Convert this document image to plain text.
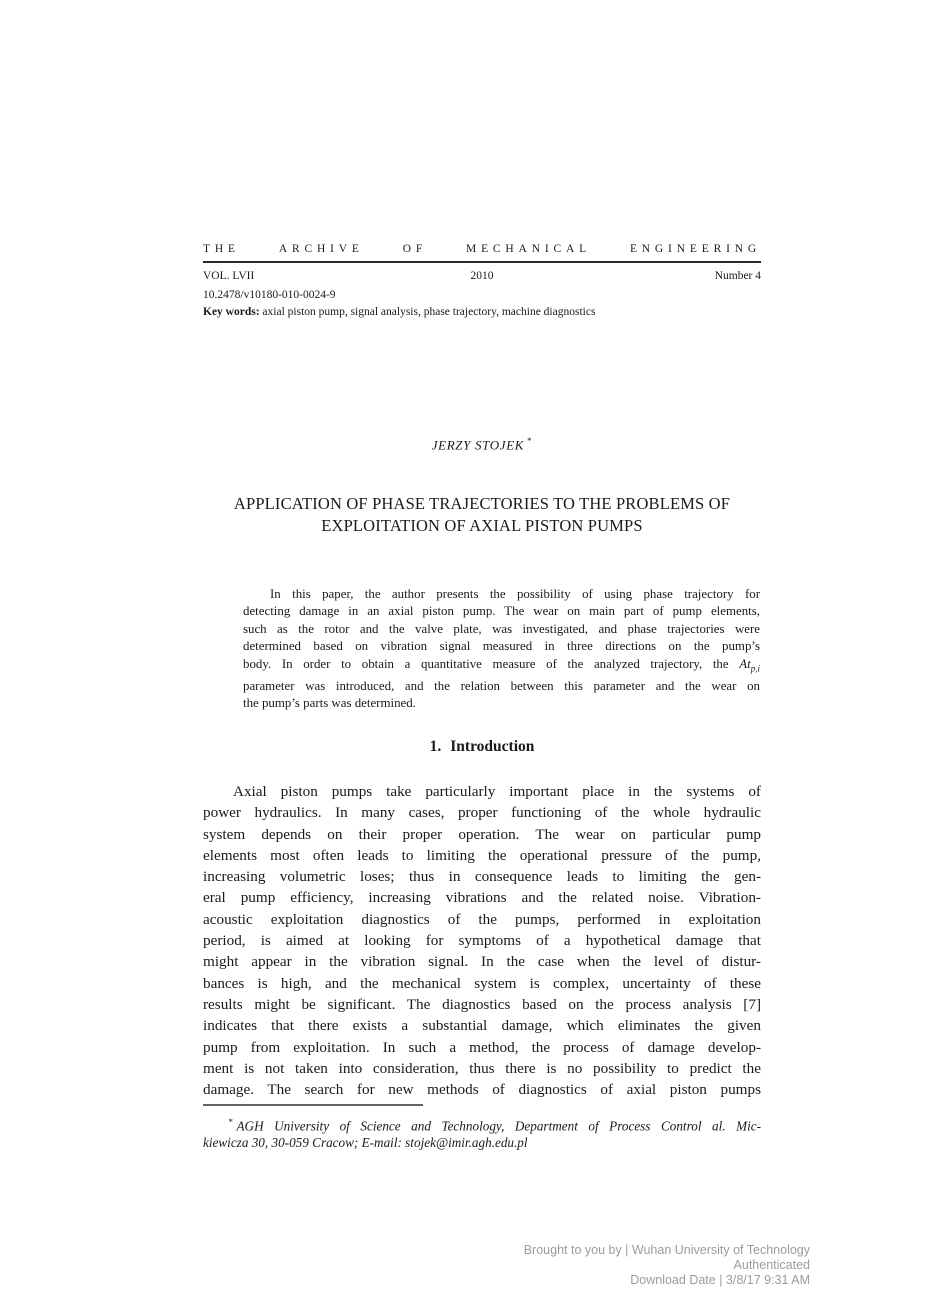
THE	ARCHIVE	OF	MECHANICAL	ENGINEERING
VOL. LVII	2010	Number 4
10.2478/v10180-010-0024-9
Key words: axial piston pump, signal analysis, phase trajectory, machine diagnostics
JERZY STOJEK *
APPLICATION OF PHASE TRAJECTORIES TO THE PROBLEMS OF
EXPLOITATION OF AXIAL PISTON PUMPS
In this paper, the author presents the possibility of using phase trajectory for
detecting damage in an axial piston pump. The wear on main part of pump elements,
such as the rotor and the valve plate, was investigated, and phase trajectories were
determined based on vibration signal measured in three directions on the pump’s
body. In order to obtain a quantitative measure of the analyzed trajectory, the $At_{p,i}$
parameter was introduced, and the relation between this parameter and the wear on
the pump’s parts was determined.
1. Introduction
Axial piston pumps take particularly important place in the systems of
power hydraulics. In many cases, proper functioning of the whole hydraulic
system depends on their proper operation. The wear on particular pump
elements most often leads to limiting the operational pressure of the pump,
increasing volumetric loses; thus in consequence leads to limiting the gen-
eral pump efficiency, increasing vibrations and the related noise. Vibration-
acoustic exploitation diagnostics of the pumps, performed in exploitation
period, is aimed at looking for symptoms of a hypothetical damage that
might appear in the vibration signal. In the case when the level of distur-
bances is high, and the mechanical system is complex, uncertainty of these
results might be significant. The diagnostics based on the process analysis [7]
indicates that there exists a substantial damage, which eliminates the given
pump from exploitation. In such a method, the process of damage develop-
ment is not taken into consideration, thus there is no possibility to predict the
damage. The search for new methods of diagnostics of axial piston pumps
* AGH University of Science and Technology, Department of Process Control al. Mic-
kiewicza 30, 30-059 Cracow; E-mail: stojek@imir.agh.edu.pl
Brought to you by | Wuhan University of Technology
Authenticated
Download Date | 3/8/17 9:31 AM
